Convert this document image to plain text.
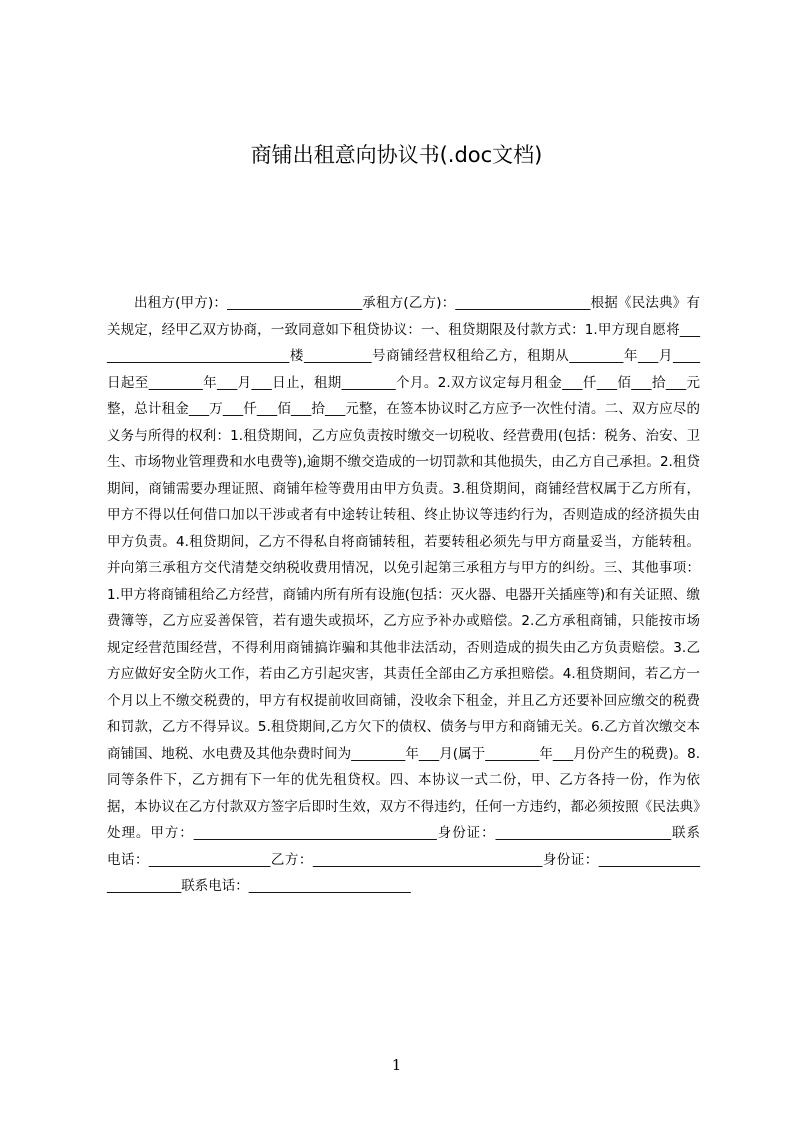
商铺出租意向协议书(.doc文档)

出租方(甲方)：____________________承租方(乙方)：____________________根据《民法典》有关规定，经甲乙双方协商，一致同意如下租贷协议：一、租贷期限及付款方式：1.甲方现自愿将______________________________楼__________号商铺经营权租给乙方，租期从________年___月____日起至________年___月___日止，租期________个月。2.双方议定每月租金___仟___佰___拾___元整，总计租金___万___仟___佰___拾___元整，在签本协议时乙方应予一次性付清。二、双方应尽的义务与所得的权利：1.租贷期间，乙方应负责按时缴交一切税收、经营费用(包括：税务、治安、卫生、市场物业管理费和水电费等),逾期不缴交造成的一切罚款和其他损失，由乙方自己承担。2.租贷期间，商铺需要办理证照、商铺年检等费用由甲方负责。3.租贷期间，商铺经营权属于乙方所有，甲方不得以任何借口加以干涉或者有中途转让转租、终止协议等违约行为，否则造成的经济损失由甲方负责。4.租贷期间，乙方不得私自将商铺转租，若要转租必须先与甲方商量妥当，方能转租。并向第三承租方交代清楚交纳税收费用情况，以免引起第三承租方与甲方的纠纷。三、其他事项：1.甲方将商铺租给乙方经营，商铺内所有所有设施(包括：灭火器、电器开关插座等)和有关证照、缴费簿等，乙方应妥善保管，若有遗失或损坏，乙方应予补办或赔偿。2.乙方承租商铺，只能按市场规定经营范围经营，不得利用商铺搞诈骗和其他非法活动，否则造成的损失由乙方负责赔偿。3.乙方应做好安全防火工作，若由乙方引起灾害，其责任全部由乙方承担赔偿。4.租贷期间，若乙方一个月以上不缴交税费的，甲方有权提前收回商铺，没收余下租金，并且乙方还要补回应缴交的税费和罚款，乙方不得异议。5.租贷期间,乙方欠下的债权、债务与甲方和商铺无关。6.乙方首次缴交本商铺国、地税、水电费及其他杂费时间为________年___月(属于________年___月份产生的税费)。8.同等条件下，乙方拥有下一年的优先租贷权。四、本协议一式二份，甲、乙方各持一份，作为依据，本协议在乙方付款双方签字后即时生效，双方不得违约，任何一方违约，都必须按照《民法典》处理。甲方：____________________________________身份证：__________________________联系电话：__________________乙方：__________________________________身份证：__________________________联系电话：________________________

1
